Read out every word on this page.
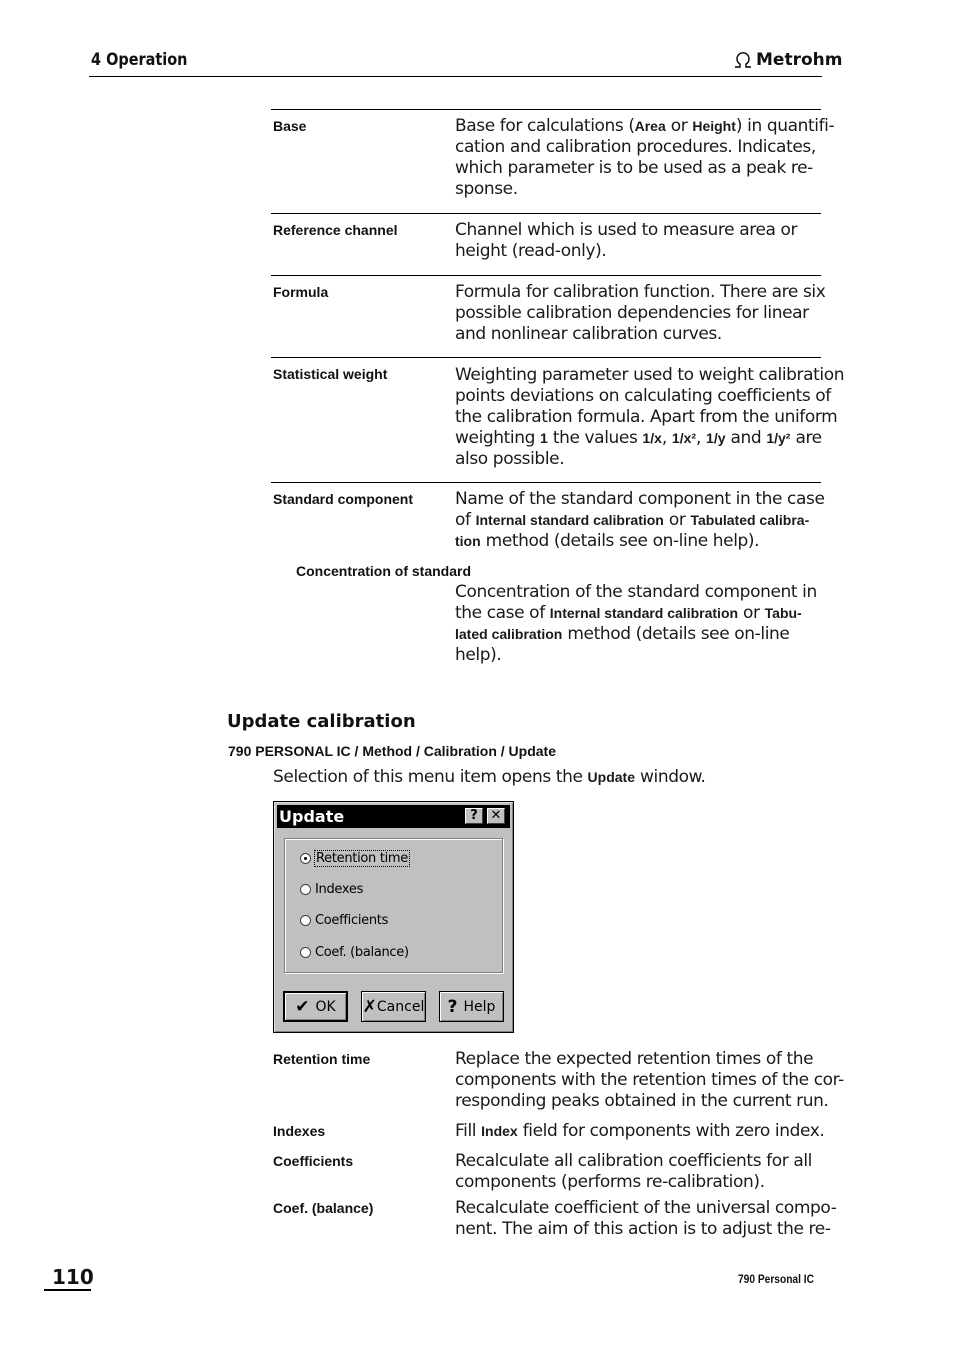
4 Operation	Metrohm
Base	Base for calculations (Area or Height) in quantifi-
cation and calibration procedures. Indicates,
which parameter is to be used as a peak re-
sponse.
Reference channel	Channel which is used to measure area or
height (read-only).
Formula	Formula for calibration function. There are six
possible calibration dependencies for linear
and nonlinear calibration curves.
Statistical weight	Weighting parameter used to weight calibration
points deviations on calculating coefficients of
the calibration formula. Apart from the uniform
weighting 1 the values 1/x, 1/x², 1/y and 1/y² are
also possible.
Standard component Name of the standard component in the case
of Internal standard calibration or Tabulated calibra-
tion method (details see on-line help).
Concentration of standard
Concentration of the standard component in
the case of Internal standard calibration or Tabu-
lated calibration method (details see on-line
help).
Update calibration
790 PERSONAL IC / Method / Calibration / Update
Selection of this menu item opens the Update window.
Update	? ✕
Retention time
Indexes
Coefficients
Coef. (balance)
✔ OK ✗ Cancel ? Help
Retention time	Replace the expected retention times of the
components with the retention times of the cor-
responding peaks obtained in the current run.
Indexes	Fill Index field for components with zero index.
Coefficients	Recalculate all calibration coefficients for all
components (performs re-calibration).
Coef. (balance)	Recalculate coefficient of the universal compo-
nent. The aim of this action is to adjust the re-
110	790 Personal IC
